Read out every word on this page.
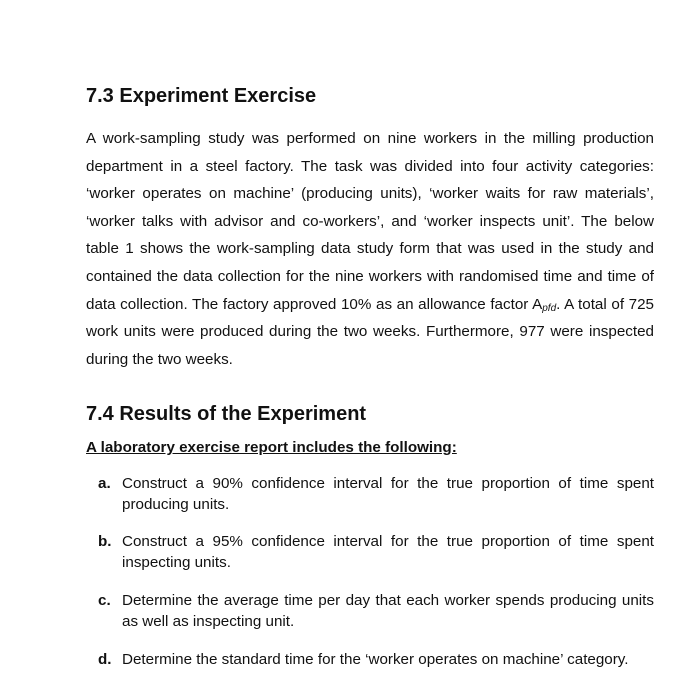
7.3 Experiment Exercise

A work-sampling study was performed on nine workers in the milling production department in a steel factory. The task was divided into four activity categories: ‘worker operates on machine’ (producing units), ‘worker waits for raw materials’, ‘worker talks with advisor and co-workers’, and ‘worker inspects unit’. The below table 1 shows the work-sampling data study form that was used in the study and contained the data collection for the nine workers with randomised time and time of data collection. The factory approved 10% as an allowance factor $A_{pfd}$. A total of 725 work units were produced during the two weeks. Furthermore, 977 were inspected during the two weeks.

7.4 Results of the Experiment

A laboratory exercise report includes the following:

a. Construct a 90% confidence interval for the true proportion of time spent producing units.
b. Construct a 95% confidence interval for the true proportion of time spent inspecting units.
c. Determine the average time per day that each worker spends producing units as well as inspecting unit.
d. Determine the standard time for the ‘worker operates on machine’ category.
